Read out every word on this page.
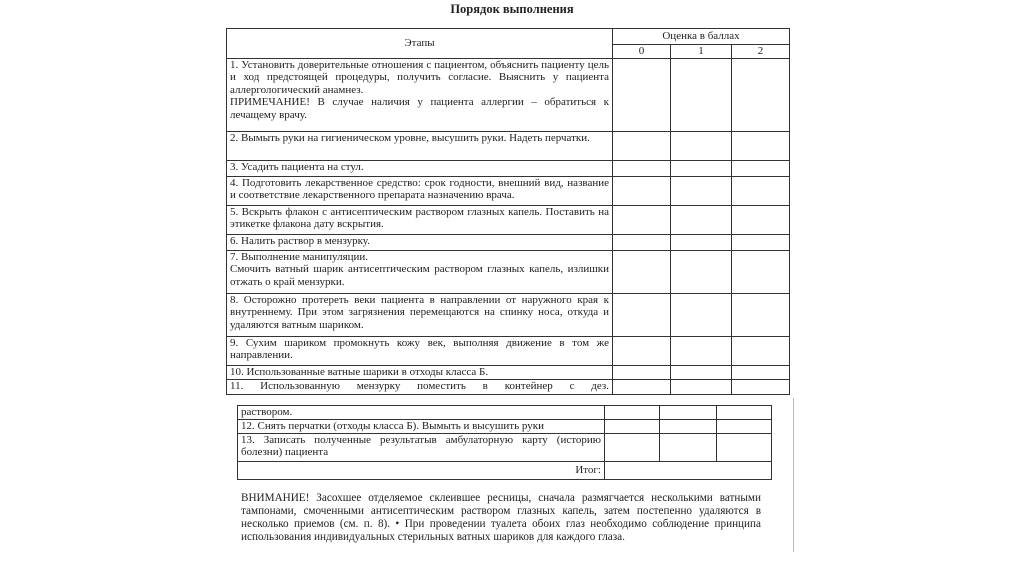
Порядок выполнения
Этапы	Оценка в баллах		
	0	1	2

1. Установить доверительные отношения с пациентом, объяснить пациенту цель и ход предстоящей процедуры, получить согласие. Выяснить у пациента аллергологический анамнез.
ПРИМЕЧАНИЕ! В случае наличия у пациента аллергии – обратиться к лечащему врачу.			

2. Вымыть руки на гигиеническом уровне, высушить руки. Надеть перчатки.			
3. Усадить пациента на стул.			
4. Подготовить лекарственное средство: срок годности, внешний вид, название и соответствие лекарственного препарата назначению врача.			
5. Вскрыть флакон с антисептическим раствором глазных капель. Поставить на этикетке флакона дату вскрытия.			
6. Налить раствор в мензурку.			

7. Выполнение манипуляции.
Смочить ватный шарик антисептическим раствором глазных капель, излишки отжать о край мензурки.			

8. Осторожно протереть веки пациента в направлении от наружного края к внутреннему. При этом загрязнения перемещаются на спинку носа, откуда и удаляются ватным шариком.			
9. Сухим шариком промокнуть кожу век, выполняя движение в том же направлении.			
10. Использованные ватные шарики в отходы класса Б.			
11. Использованную мензурку поместить в контейнер с дез.			
раствором.			
12. Снять перчатки (отходы класса Б). Вымыть и высушить руки			
13. Записать полученные результатыв амбулаторную карту (историю болезни) пациента			
Итог:			
ВНИМАНИЕ! Засохшее отделяемое склеившее ресницы, сначала размягчается несколькими ватными тампонами, смоченными антисептическим раствором глазных капель, затем постепенно удаляются в несколько приемов (см. п. 8). • При проведении туалета обоих глаз необходимо соблюдение принципа использования индивидуальных стерильных ватных шариков для каждого глаза.
